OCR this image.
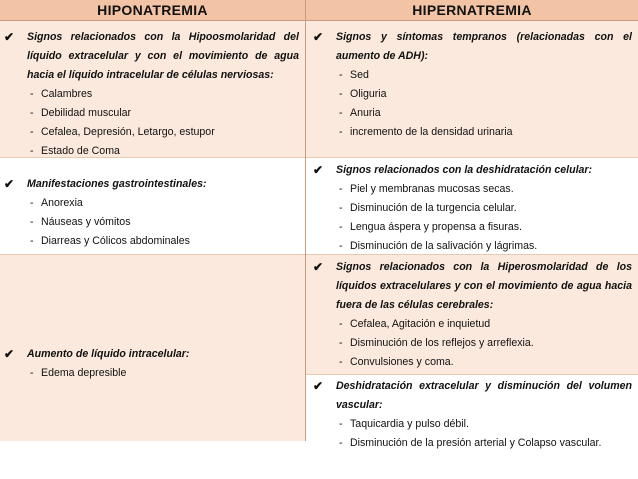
HIPONATREMIA	HIPERNATREMIA
✔ Signos relacionados con la Hipoosmolaridad del líquido extracelular y con el movimiento de agua hacia el líquido intracelular de células nerviosas:
- Calambres
- Debilidad muscular
- Cefalea, Depresión, Letargo, estupor
- Estado de Coma
✔ Manifestaciones gastrointestinales:
- Anorexia
- Náuseas y vómitos
- Diarreas y Cólicos abdominales
✔ Aumento de líquido intracelular:
- Edema depresible
✔ Signos y síntomas tempranos (relacionadas con el aumento de ADH):
- Sed
- Oliguria
- Anuria
- incremento de la densidad urinaria
✔ Signos relacionados con la deshidratación celular:
- Piel y membranas mucosas secas.
- Disminución de la turgencia celular.
- Lengua áspera y propensa a fisuras.
- Disminución de la salivación y lágrimas.
✔ Signos relacionados con la Hiperosmolaridad de los líquidos extracelulares y con el movimiento de agua hacia fuera de las células cerebrales:
- Cefalea, Agitación e inquietud
- Disminución de los reflejos y arreflexia.
- Convulsiones y coma.
✔ Deshidratación extracelular y disminución del volumen vascular:
- Taquicardia y pulso débil.
- Disminución de la presión arterial y Colapso vascular.
